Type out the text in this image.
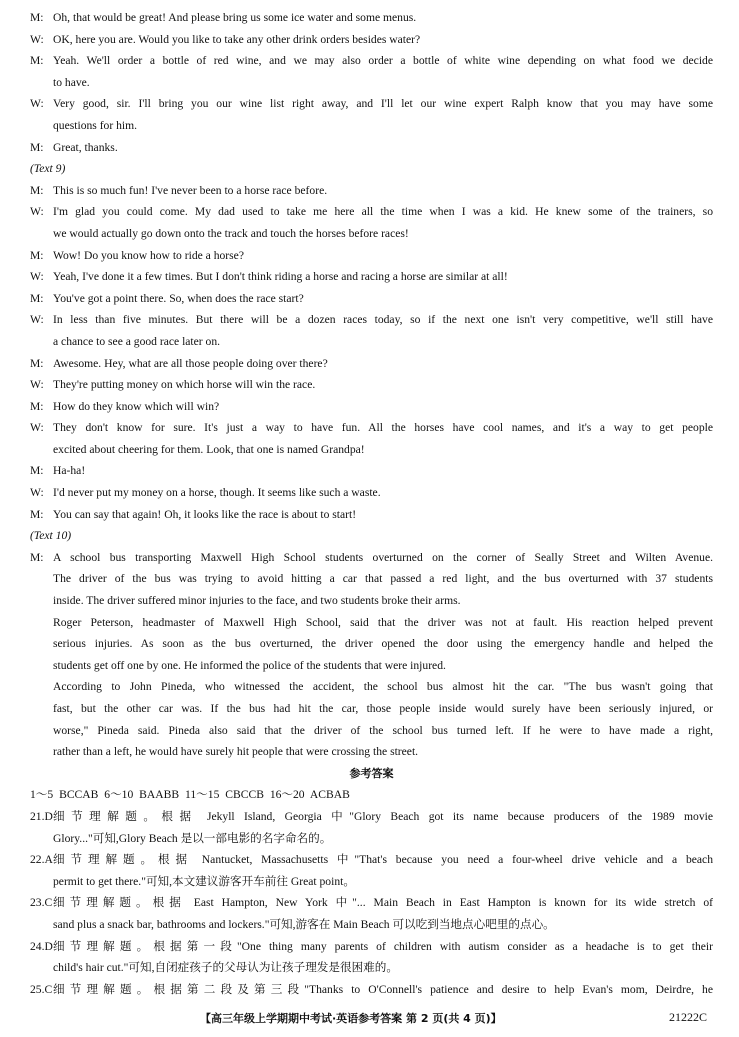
M: Oh, that would be great! And please bring us some ice water and some menus.
W: OK, here you are. Would you like to take any other drink orders besides water?
M: Yeah. We'll order a bottle of red wine, and we may also order a bottle of white wine depending on what food we decide
to have.
W: Very good, sir. I'll bring you our wine list right away, and I'll let our wine expert Ralph know that you may have some
questions for him.
M: Great, thanks.
(Text 9)
M: This is so much fun! I've never been to a horse race before.
W: I'm glad you could come. My dad used to take me here all the time when I was a kid. He knew some of the trainers, so
we would actually go down onto the track and touch the horses before races!
M: Wow! Do you know how to ride a horse?
W: Yeah, I've done it a few times. But I don't think riding a horse and racing a horse are similar at all!
M: You've got a point there. So, when does the race start?
W: In less than five minutes. But there will be a dozen races today, so if the next one isn't very competitive, we'll still have
a chance to see a good race later on.
M: Awesome. Hey, what are all those people doing over there?
W: They're putting money on which horse will win the race.
M: How do they know which will win?
W: They don't know for sure. It's just a way to have fun. All the horses have cool names, and it's a way to get people
excited about cheering for them. Look, that one is named Grandpa!
M: Ha-ha!
W: I'd never put my money on a horse, though. It seems like such a waste.
M: You can say that again! Oh, it looks like the race is about to start!
(Text 10)
M: A school bus transporting Maxwell High School students overturned on the corner of Seally Street and Wilten Avenue.
The driver of the bus was trying to avoid hitting a car that passed a red light, and the bus overturned with 37 students
inside. The driver suffered minor injuries to the face, and two students broke their arms.
Roger Peterson, headmaster of Maxwell High School, said that the driver was not at fault. His reaction helped prevent
serious injuries. As soon as the bus overturned, the driver opened the door using the emergency handle and helped the
students get off one by one. He informed the police of the students that were injured.
According to John Pineda, who witnessed the accident, the school bus almost hit the car. "The bus wasn't going that
fast, but the other car was. If the bus had hit the car, those people inside would surely have been seriously injured, or
worse," Pineda said. Pineda also said that the driver of the school bus turned left. If he were to have made a right,
rather than a left, he would have surely hit people that were crossing the street.
参考答案
1～5 BCCAB 6～10 BAABB 11～15 CBCCB 16～20 ACBAB
21.D 细节理解题。根据 Jekyll Island, Georgia 中"Glory Beach got its name because producers of the 1989 movie
Glory..."可知,Glory Beach 是以一部电影的名字命名的。
22.A 细节理解题。根据 Nantucket, Massachusetts 中"That's because you need a four-wheel drive vehicle and a beach
permit to get there."可知,本文建议游客开车前往 Great point。
23.C 细节理解题。根据 East Hampton, New York 中"... Main Beach in East Hampton is known for its wide stretch of
sand plus a snack bar, bathrooms and lockers."可知,游客在 Main Beach 可以吃到当地点心吧里的点心。
24.D 细节理解题。根据第一段"One thing many parents of children with autism consider as a headache is to get their
child's hair cut."可知,自闭症孩子的父母认为让孩子理发是很困难的。
25.C 细节理解题。根据第二段及第三段"Thanks to O'Connell's patience and desire to help Evan's mom, Deirdre, he
【高三年级上学期期中考试·英语参考答案 第 2 页(共 4 页)】	21222C
